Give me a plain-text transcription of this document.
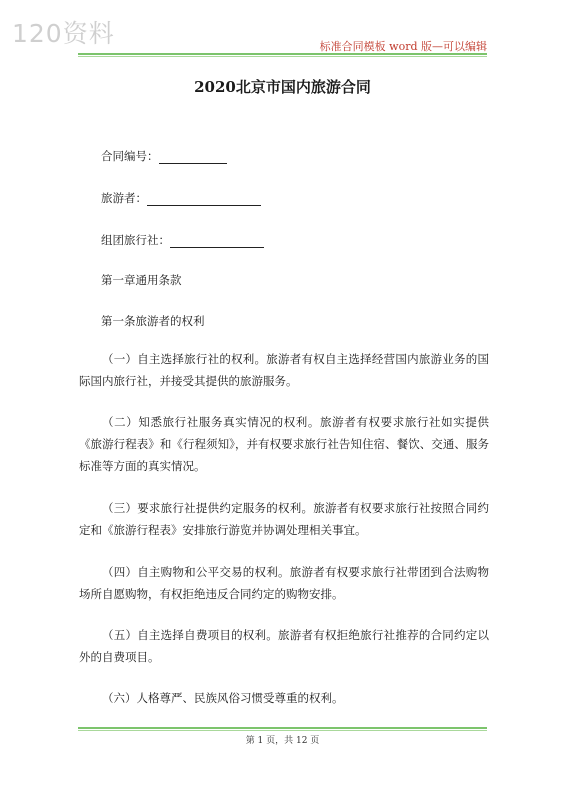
120资料	标准合同模板 word 版—可以编辑
2020北京市国内旅游合同
合同编号：
旅游者：
组团旅行社：
第一章通用条款
第一条旅游者的权利
（一）自主选择旅行社的权利。旅游者有权自主选择经营国内旅游业务的国际国内旅行社，并接受其提供的旅游服务。
（二）知悉旅行社服务真实情况的权利。旅游者有权要求旅行社如实提供《旅游行程表》和《行程须知》，并有权要求旅行社告知住宿、餐饮、交通、服务标准等方面的真实情况。
（三）要求旅行社提供约定服务的权利。旅游者有权要求旅行社按照合同约定和《旅游行程表》安排旅行游览并协调处理相关事宜。
（四）自主购物和公平交易的权利。旅游者有权要求旅行社带团到合法购物场所自愿购物，有权拒绝违反合同约定的购物安排。
（五）自主选择自费项目的权利。旅游者有权拒绝旅行社推荐的合同约定以外的自费项目。
（六）人格尊严、民族风俗习惯受尊重的权利。
第 1 页，共 12 页
